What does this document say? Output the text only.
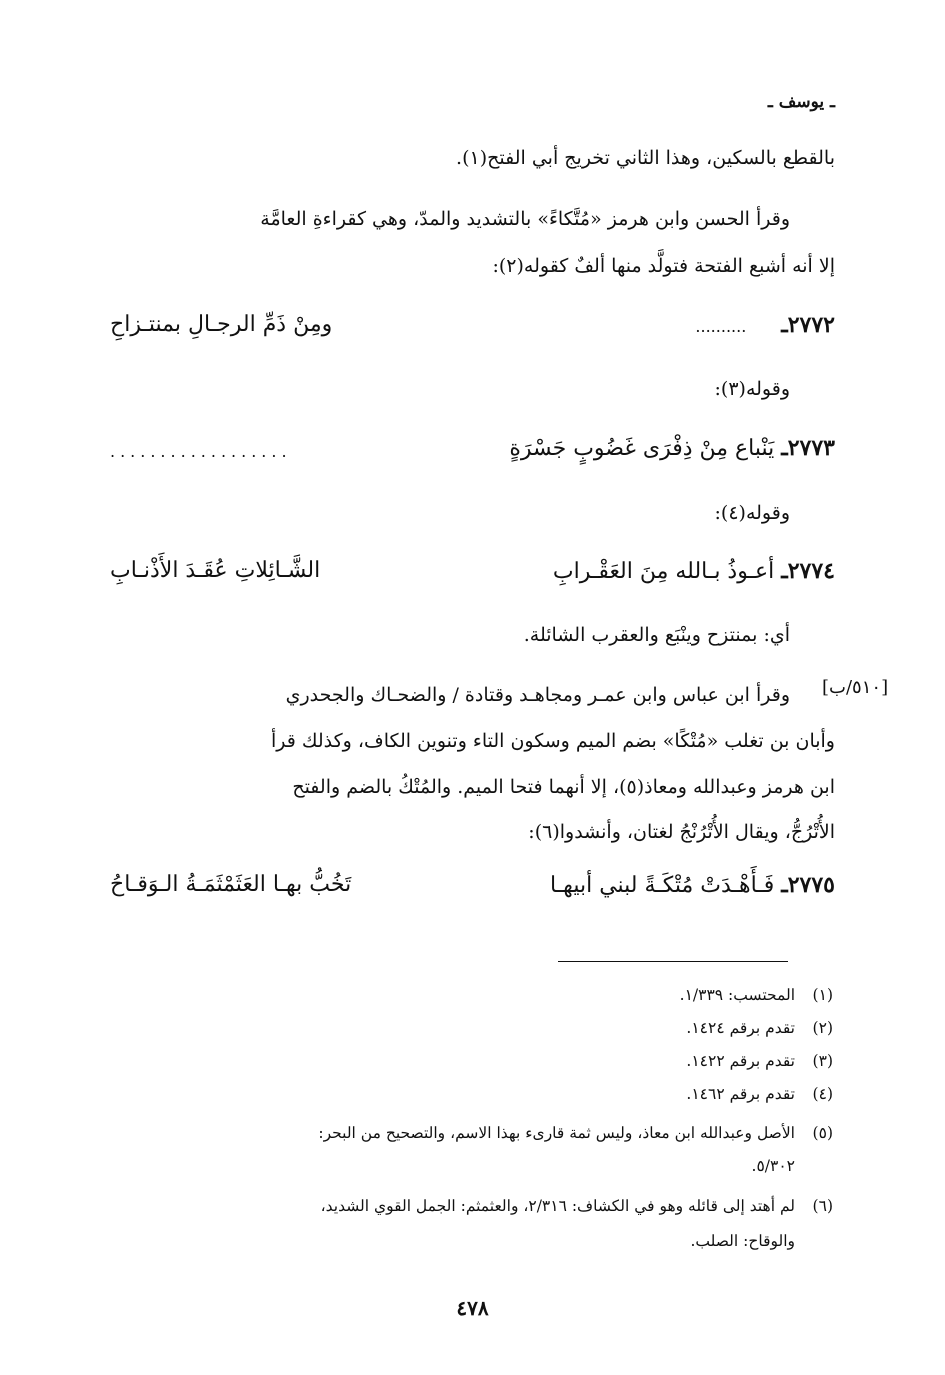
ـ يوسف ـ
بالقطع بالسكين، وهذا الثاني تخريج أبي الفتح(١).
وقرأ الحسن وابن هرمز «مُتَّكاءً» بالتشديد والمدّ، وهي كقراءةِ العامَّة
إلا أنه أشبع الفتحة فتولَّد منها ألفٌ كقوله(٢):
٢٧٧٢ـ ..........
ومِنْ ذَمِّ الرجـالِ بمنتـزاحِ
وقوله(٣):
٢٧٧٣ـ يَنْباع مِنْ ذِفْرَى غَضُوبٍ جَسْرَةٍ
..................
وقوله(٤):
٢٧٧٤ـ أعـوذُ بـالله مِنَ العَقْـرابِ
الشَّـائِلاتِ عُقَـدَ الأَذْنـابِ
أي: بمنتزح وينْبَع والعقرب الشائلة.
[٥١٠/ب]
وقرأ ابن عباس وابن عمـر ومجاهـد وقتادة / والضحـاك والجحدري
وأبان بن تغلب «مُتْكًا» بضم الميم وسكون التاء وتنوين الكاف، وكذلك قرأ
ابن هرمز وعبدالله ومعاذ(٥)، إلا أنهما فتحا الميم. والمُتْكُ بالضم والفتح
الأُتْرُجُّ، ويقال الأُتْرُنْجُ لغتان، وأنشدوا(٦):
٢٧٧٥ـ فَـأَهْـدَتْ مُتْكَـةً لبني أبيهـا
تَخُبُّ بهـا العَثَمْثَمَـةُ الـوَقـاحُ
(١)
المحتسب: ١/٣٣٩.
(٢)
تقدم برقم ١٤٢٤.
(٣)
تقدم برقم ١٤٢٢.
(٤)
تقدم برقم ١٤٦٢.
(٥)
الأصل وعبدالله ابن معاذ، وليس ثمة قارىء بهذا الاسم، والتصحيح من البحر:
٥/٣٠٢.
(٦)
لم أهتد إلى قائله وهو في الكشاف: ٢/٣١٦، والعثمثم: الجمل القوي الشديد،
والوقاح: الصلب.
٤٧٨
